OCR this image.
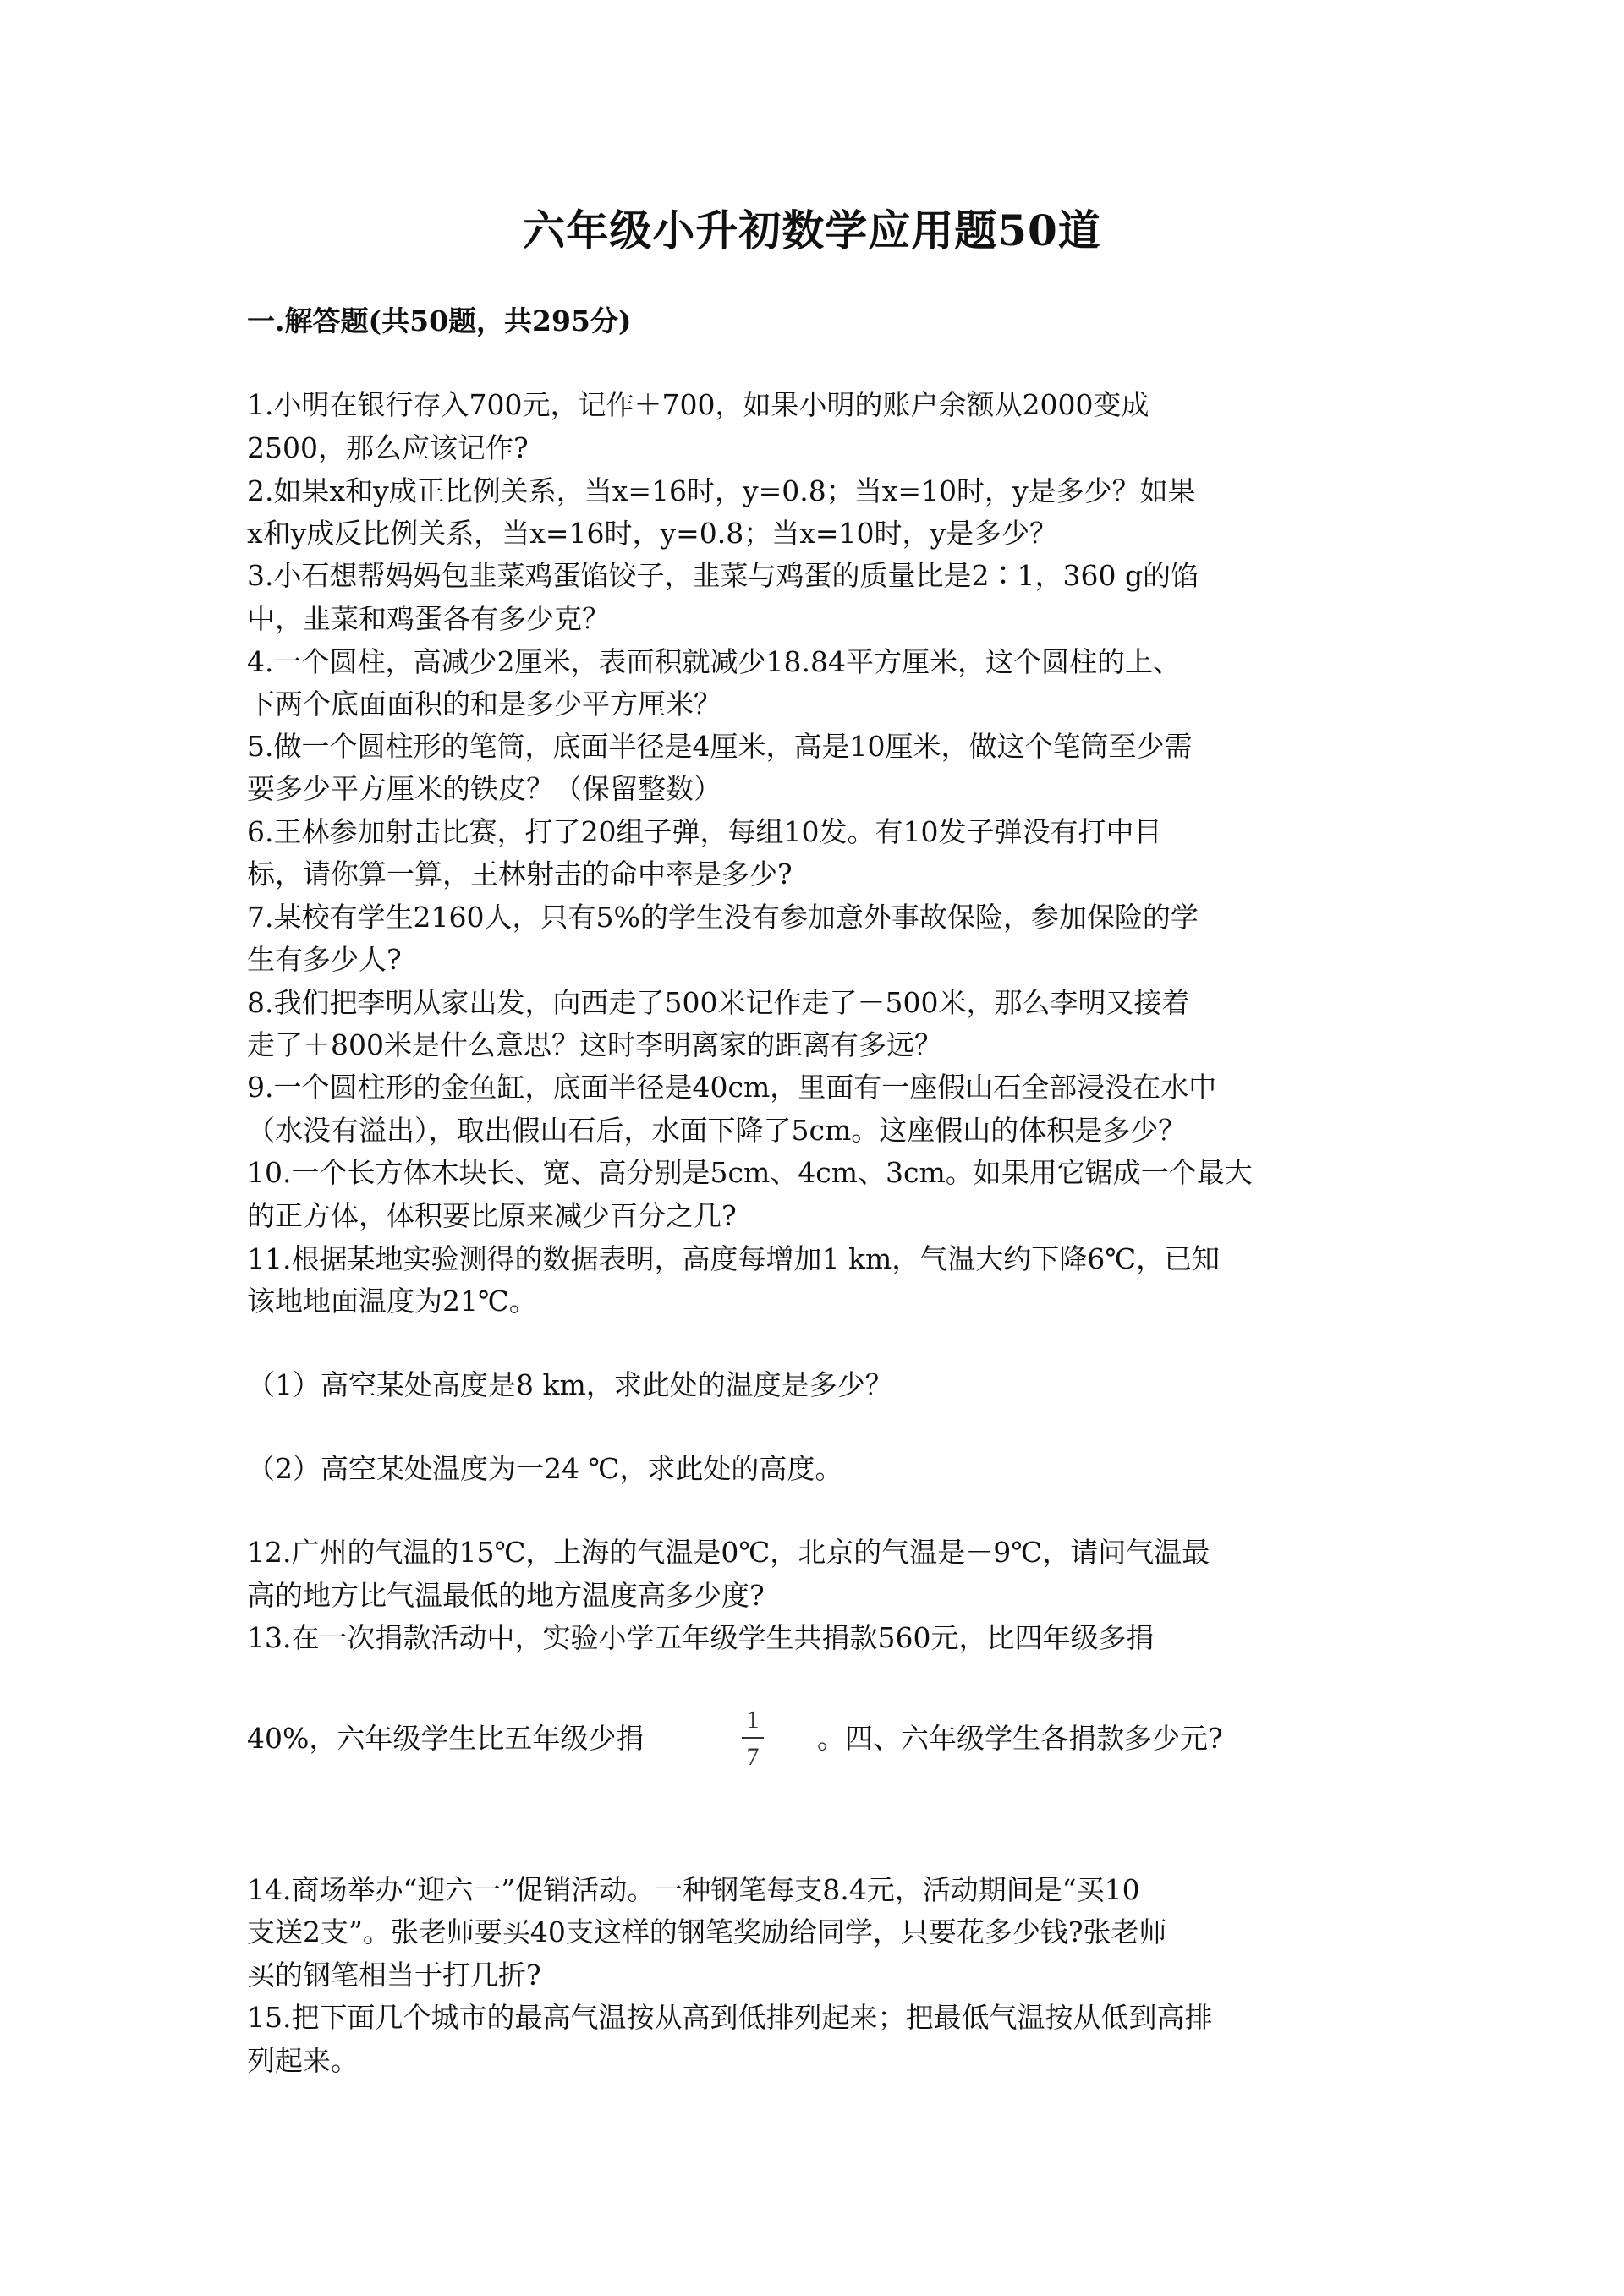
六年级小升初数学应用题50道
一.解答题(共50题，共295分)
1.小明在银行存入700元，记作＋700，如果小明的账户余额从2000变成
2500，那么应该记作?
2.如果x和y成正比例关系，当x=16时，y=0.8；当x=10时，y是多少？如果
x和y成反比例关系，当x=16时，y=0.8；当x=10时，y是多少？
3.小石想帮妈妈包韭菜鸡蛋馅饺子，韭菜与鸡蛋的质量比是2∶1，360 g的馅
中，韭菜和鸡蛋各有多少克？
4.一个圆柱，高减少2厘米，表面积就减少18.84平方厘米，这个圆柱的上、
下两个底面面积的和是多少平方厘米？
5.做一个圆柱形的笔筒，底面半径是4厘米，高是10厘米，做这个笔筒至少需
要多少平方厘米的铁皮？（保留整数）
6.王林参加射击比赛，打了20组子弹，每组10发。有10发子弹没有打中目
标，请你算一算，王林射击的命中率是多少?
7.某校有学生2160人，只有5%的学生没有参加意外事故保险，参加保险的学
生有多少人?
8.我们把李明从家出发，向西走了500米记作走了－500米，那么李明又接着
走了＋800米是什么意思？这时李明离家的距离有多远？
9.一个圆柱形的金鱼缸，底面半径是40cm，里面有一座假山石全部浸没在水中
（水没有溢出），取出假山石后，水面下降了5cm。这座假山的体积是多少？
10.一个长方体木块长、宽、高分别是5cm、4cm、3cm。如果用它锯成一个最大
的正方体，体积要比原来减少百分之几?
11.根据某地实验测得的数据表明，高度每增加1 km，气温大约下降6℃，已知
该地地面温度为21℃。
（1）高空某处高度是8 km，求此处的温度是多少？
（2）高空某处温度为一24 ℃，求此处的高度。
12.广州的气温的15℃，上海的气温是0℃，北京的气温是－9℃，请问气温最
高的地方比气温最低的地方温度高多少度?
13.在一次捐款活动中，实验小学五年级学生共捐款560元，比四年级多捐
40%，六年级学生比五年级少捐
1
7
。四、六年级学生各捐款多少元?
14.商场举办“迎六一”促销活动。一种钢笔每支8.4元，活动期间是“买10
支送2支”。张老师要买40支这样的钢笔奖励给同学，只要花多少钱?张老师
买的钢笔相当于打几折?
15.把下面几个城市的最高气温按从高到低排列起来；把最低气温按从低到高排
列起来。
